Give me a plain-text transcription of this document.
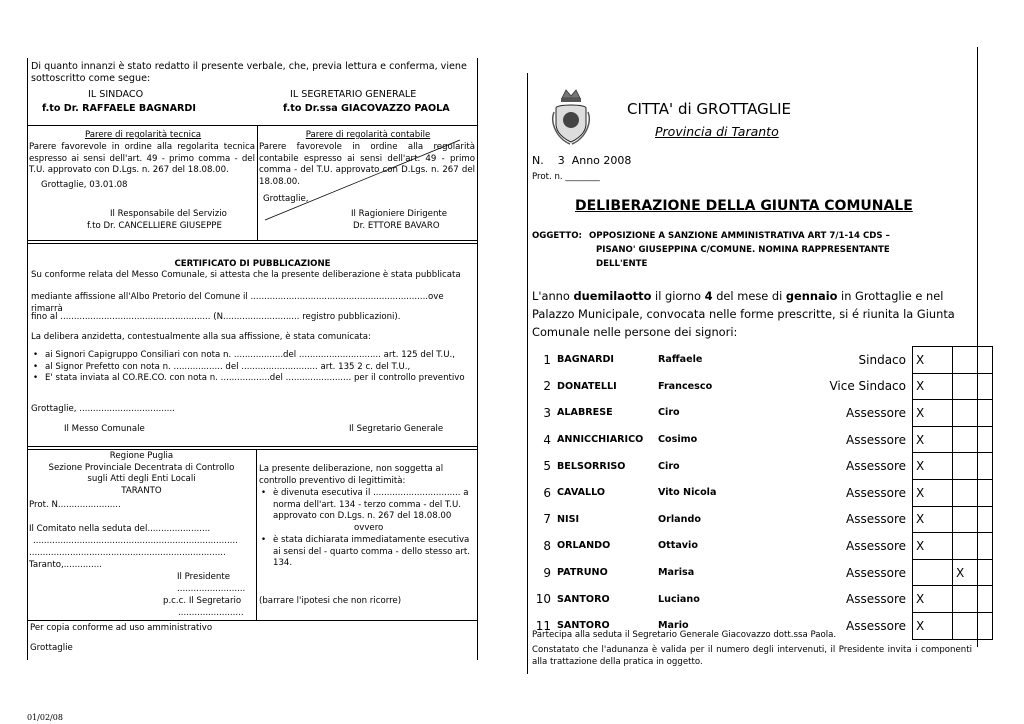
Di quanto innanzi è stato redatto il presente verbale, che, previa lettura e conferma, viene sottoscritto come segue:
IL SINDACO	IL SEGRETARIO GENERALE
f.to Dr. RAFFAELE BAGNARDI	f.to Dr.ssa GIACOVAZZO PAOLA
Parere di regolarità tecnica
Parere favorevole in ordine alla regolarita tecnica espresso ai sensi dell'art. 49 - primo comma - del T.U. approvato con D.Lgs. n. 267 del 18.08.00.
Grottaglie, 03.01.08
Il Responsabile del Servizio
f.to Dr. CANCELLIERE GIUSEPPE
Parere di regolarità contabile
Parere favorevole in ordine alla regolarità contabile espresso ai sensi dell'art. 49 - primo comma - del T.U. approvato con D.Lgs. n. 267 del 18.08.00.
Grottaglie,
Il Ragioniere Dirigente
Dr. ETTORE BAVARO
CERTIFICATO DI PUBBLICAZIONE
Su conforme relata del Messo Comunale, si attesta che la presente deliberazione è stata pubblicata
mediante affissione all'Albo Pretorio del Comune il .................................................................ove rimarrà
fino al ....................................................... (N............................ registro pubblicazioni).
La delibera anzidetta, contestualmente alla sua affissione, è stata comunicata:
• ai Signori Capigruppo Consiliari con nota n. ..................del .............................. art. 125 del T.U.,
• al Signor Prefetto con nota n. .................. del ............................ art. 135 2 c. del T.U.,
• E' stata inviata al CO.RE.CO. con nota n. ..................del ........................ per il controllo preventivo
Grottaglie, ...................................
Il Messo Comunale	Il Segretario Generale
Regione Puglia
Sezione Provinciale Decentrata di Controllo
sugli Atti degli Enti Locali
TARANTO
Prot. N.......................
Il Comitato nella seduta del.......................
...........................................................................
........................................................................
Taranto,..............
Il Presidente
.........................
p.c.c. Il Segretario
........................
La presente deliberazione, non soggetta al controllo preventivo di legittimità:
• è divenuta esecutiva il ................................ a norma dell'art. 134 - terzo comma - del T.U. approvato con D.Lgs. n. 267 del 18.08.00
ovvero
• è stata dichiarata immediatamente esecutiva ai sensi del - quarto comma - dello stesso art. 134.
(barrare l'ipotesi che non ricorre)
Per copia conforme ad uso amministrativo
Grottaglie
01/02/08
CITTA' di GROTTAGLIE
Provincia di Taranto
N.    3  Anno 2008
Prot. n. ________
DELIBERAZIONE DELLA GIUNTA COMUNALE
OGGETTO: OPPOSIZIONE A SANZIONE AMMINISTRATIVA ART 7/1-14 CDS –
PISANO' GIUSEPPINA C/COMUNE. NOMINA RAPPRESENTANTE
DELL'ENTE
L'anno duemilaotto il giorno 4 del mese di gennaio in Grottaglie e nel Palazzo Municipale, convocata nelle forme prescritte, si é riunita la Giunta Comunale nelle persone dei signori:
1	BAGNARDI	Raffaele	Sindaco	X	
2	DONATELLI	Francesco	Vice Sindaco	X	
3	ALABRESE	Ciro	Assessore	X	
4	ANNICCHIARICO	Cosimo	Assessore	X	
5	BELSORRISO	Ciro	Assessore	X	
6	CAVALLO	Vito Nicola	Assessore	X	
7	NISI	Orlando	Assessore	X	
8	ORLANDO	Ottavio	Assessore	X	
9	PATRUNO	Marisa	Assessore		X
10	SANTORO	Luciano	Assessore	X	
11	SANTORO	Mario	Assessore	X	
Partecipa alla seduta il Segretario Generale Giacovazzo dott.ssa Paola.
Constatato che l'adunanza è valida per il numero degli intervenuti, il Presidente invita i componenti alla trattazione della pratica in oggetto.
